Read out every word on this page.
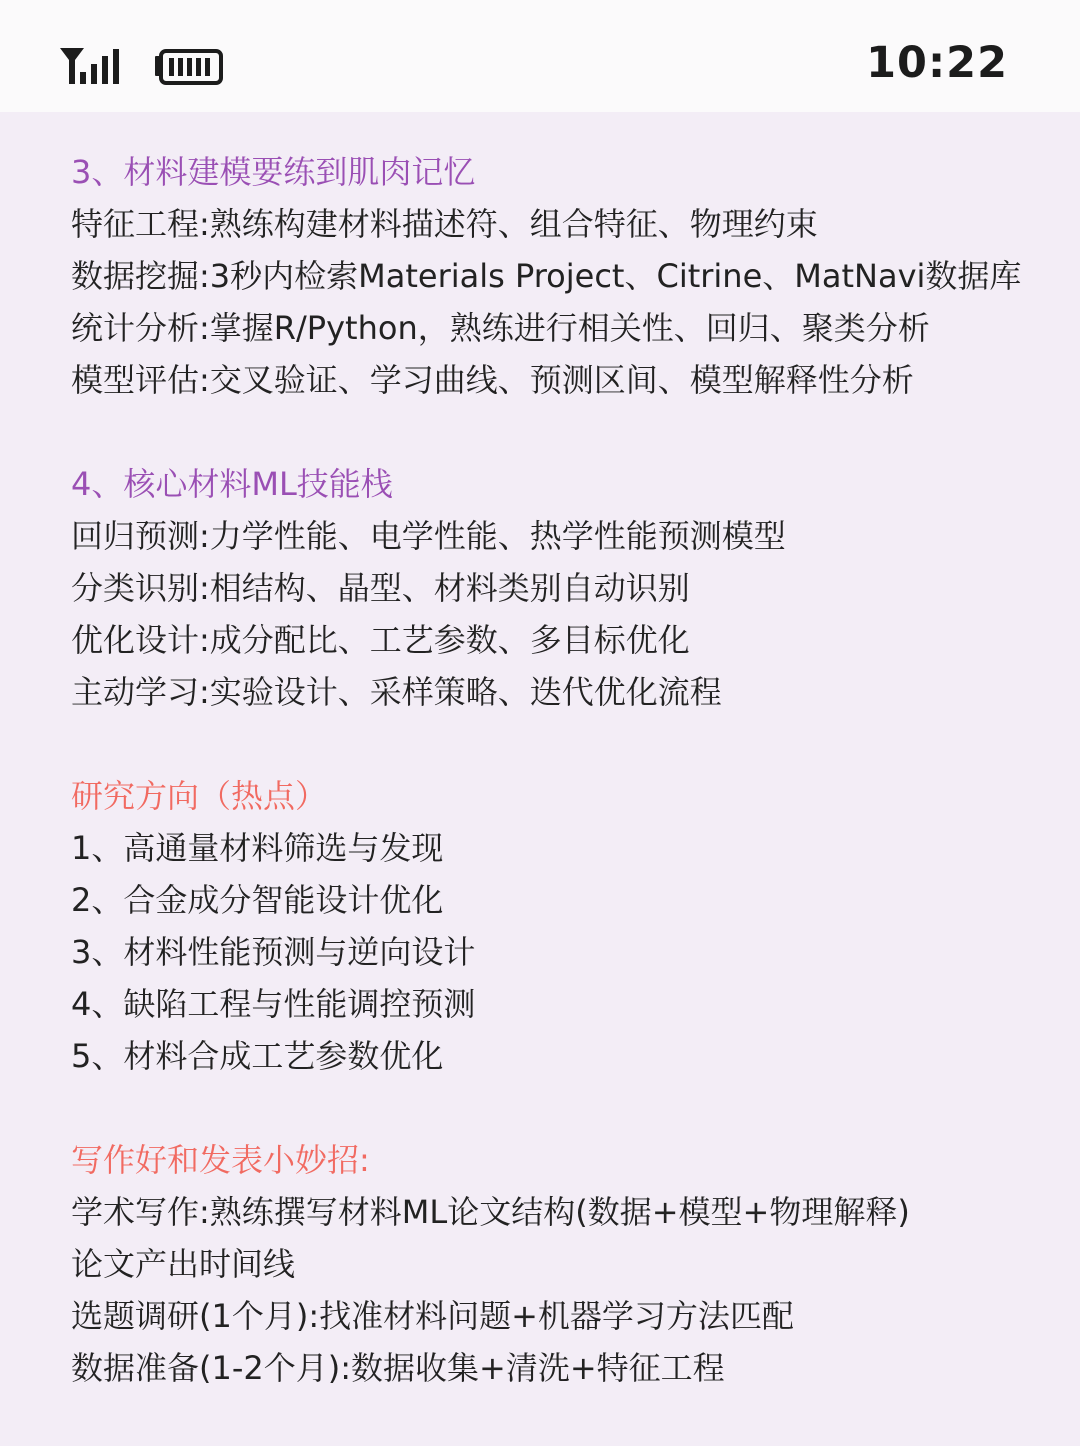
10:22
3、材料建模要练到肌肉记忆
特征工程:熟练构建材料描述符、组合特征、物理约束
数据挖掘:3秒内检索Materials Project、Citrine、MatNavi数据库
统计分析:掌握R/Python，熟练进行相关性、回归、聚类分析
模型评估:交叉验证、学习曲线、预测区间、模型解释性分析
4、核心材料ML技能栈
回归预测:力学性能、电学性能、热学性能预测模型
分类识别:相结构、晶型、材料类别自动识别
优化设计:成分配比、工艺参数、多目标优化
主动学习:实验设计、采样策略、迭代优化流程
研究方向（热点）
1、高通量材料筛选与发现
2、合金成分智能设计优化
3、材料性能预测与逆向设计
4、缺陷工程与性能调控预测
5、材料合成工艺参数优化
写作好和发表小妙招:
学术写作:熟练撰写材料ML论文结构(数据+模型+物理解释)
论文产出时间线
选题调研(1个月):找准材料问题+机器学习方法匹配
数据准备(1-2个月):数据收集+清洗+特征工程
